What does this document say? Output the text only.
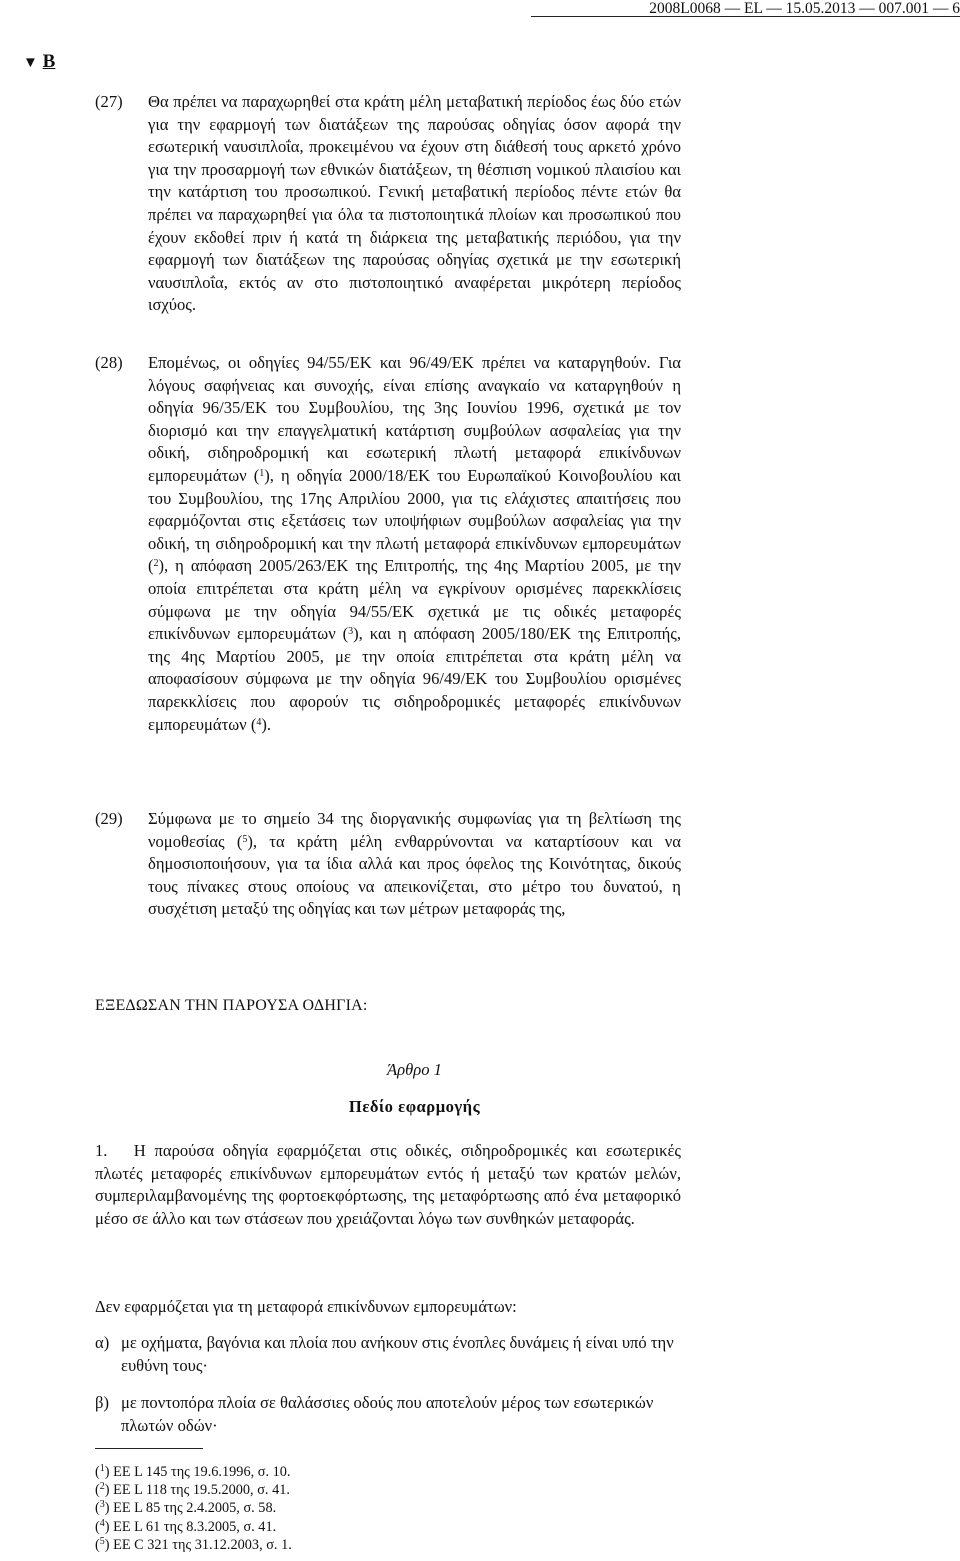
2008L0068 — EL — 15.05.2013 — 007.001 — 6
▼ B
(27) Θα πρέπει να παραχωρηθεί στα κράτη μέλη μεταβατική περίοδος έως δύο ετών για την εφαρμογή των διατάξεων της παρούσας οδηγίας όσον αφορά την εσωτερική ναυσιπλοΐα, προκειμένου να έχουν στη διάθεσή τους αρκετό χρόνο για την προσαρμογή των εθνικών διατάξεων, τη θέσπιση νομικού πλαισίου και την κατάρτιση του προσωπικού. Γενική μεταβατική περίοδος πέντε ετών θα πρέπει να παραχωρηθεί για όλα τα πιστοποιητικά πλοίων και προσωπικού που έχουν εκδοθεί πριν ή κατά τη διάρκεια της μεταβατικής περιόδου, για την εφαρμογή των διατάξεων της παρούσας οδηγίας σχετικά με την εσωτερική ναυσιπλοΐα, εκτός αν στο πιστοποιητικό αναφέρεται μικρότερη περίοδος ισχύος.
(28) Επομένως, οι οδηγίες 94/55/ΕΚ και 96/49/ΕΚ πρέπει να καταργηθούν. Για λόγους σαφήνειας και συνοχής, είναι επίσης αναγκαίο να καταργηθούν η οδηγία 96/35/ΕΚ του Συμβουλίου, της 3ης Ιουνίου 1996, σχετικά με τον διορισμό και την επαγγελματική κατάρτιση συμβούλων ασφαλείας για την οδική, σιδηροδρομική και εσωτερική πλωτή μεταφορά επικίνδυνων εμπορευμάτων ($^1$), η οδηγία 2000/18/ΕΚ του Ευρωπαϊκού Κοινοβουλίου και του Συμβουλίου, της 17ης Απριλίου 2000, για τις ελάχιστες απαιτήσεις που εφαρμόζονται στις εξετάσεις των υποψήφιων συμβούλων ασφαλείας για την οδική, τη σιδηροδρομική και την πλωτή μεταφορά επικίνδυνων εμπορευμάτων ($^2$), η απόφαση 2005/263/ΕΚ της Επιτροπής, της 4ης Μαρτίου 2005, με την οποία επιτρέπεται στα κράτη μέλη να εγκρίνουν ορισμένες παρεκκλίσεις σύμφωνα με την οδηγία 94/55/ΕΚ σχετικά με τις οδικές μεταφορές επικίνδυνων εμπορευμάτων ($^3$), και η απόφαση 2005/180/ΕΚ της Επιτροπής, της 4ης Μαρτίου 2005, με την οποία επιτρέπεται στα κράτη μέλη να αποφασίσουν σύμφωνα με την οδηγία 96/49/ΕΚ του Συμβουλίου ορισμένες παρεκκλίσεις που αφορούν τις σιδηροδρομικές μεταφορές επικίνδυνων εμπορευμάτων ($^4$).
(29) Σύμφωνα με το σημείο 34 της διοργανικής συμφωνίας για τη βελτίωση της νομοθεσίας ($^5$), τα κράτη μέλη ενθαρρύνονται να καταρτίσουν και να δημοσιοποιήσουν, για τα ίδια αλλά και προς όφελος της Κοινότητας, δικούς τους πίνακες στους οποίους να απεικονίζεται, στο μέτρο του δυνατού, η συσχέτιση μεταξύ της οδηγίας και των μέτρων μεταφοράς της,
ΕΞΕΔΩΣΑΝ ΤΗΝ ΠΑΡΟΥΣΑ ΟΔΗΓΙΑ:
Άρθρο 1
Πεδίο εφαρμογής
1.   Η παρούσα οδηγία εφαρμόζεται στις οδικές, σιδηροδρομικές και εσωτερικές πλωτές μεταφορές επικίνδυνων εμπορευμάτων εντός ή μεταξύ των κρατών μελών, συμπεριλαμβανομένης της φορτοεκφόρτωσης, της μεταφόρτωσης από ένα μεταφορικό μέσο σε άλλο και των στάσεων που χρειάζονται λόγω των συνθηκών μεταφοράς.
Δεν εφαρμόζεται για τη μεταφορά επικίνδυνων εμπορευμάτων:
α) με οχήματα, βαγόνια και πλοία που ανήκουν στις ένοπλες δυνάμεις ή είναι υπό την ευθύνη τους·
β) με ποντοπόρα πλοία σε θαλάσσιες οδούς που αποτελούν μέρος των εσωτερικών πλωτών οδών·
($^1$) ΕΕ L 145 της 19.6.1996, σ. 10.
($^2$) ΕΕ L 118 της 19.5.2000, σ. 41.
($^3$) ΕΕ L 85 της 2.4.2005, σ. 58.
($^4$) ΕΕ L 61 της 8.3.2005, σ. 41.
($^5$) ΕΕ C 321 της 31.12.2003, σ. 1.
